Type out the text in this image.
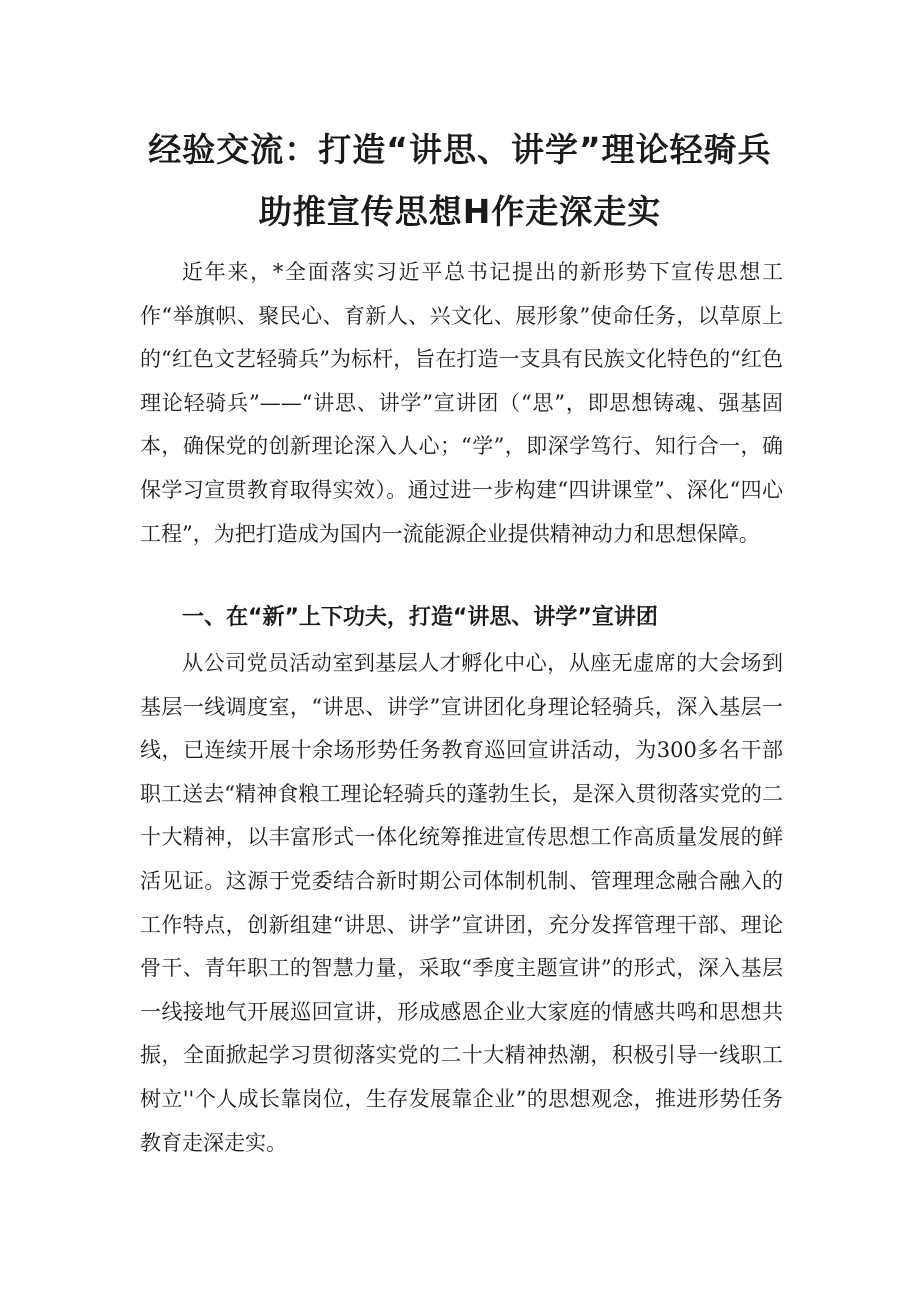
经验交流：打造“讲思、讲学”理论轻骑兵
助推宣传思想H作走深走实

近年来，*全面落实习近平总书记提出的新形势下宣传思想工作“举旗帜、聚民心、育新人、兴文化、展形象”使命任务，以草原上的“红色文艺轻骑兵”为标杆，旨在打造一支具有民族文化特色的“红色理论轻骑兵”——“讲思、讲学”宣讲团（“思”，即思想铸魂、强基固本，确保党的创新理论深入人心；“学”，即深学笃行、知行合一，确保学习宣贯教育取得实效）。通过进一步构建“四讲课堂”、深化“四心工程”，为把打造成为国内一流能源企业提供精神动力和思想保障。

一、在“新”上下功夫，打造“讲思、讲学”宣讲团

从公司党员活动室到基层人才孵化中心，从座无虚席的大会场到基层一线调度室，“讲思、讲学”宣讲团化身理论轻骑兵，深入基层一线，已连续开展十余场形势任务教育巡回宣讲活动，为300多名干部职工送去“精神食粮工理论轻骑兵的蓬勃生长，是深入贯彻落实党的二十大精神，以丰富形式一体化统筹推进宣传思想工作高质量发展的鲜活见证。这源于党委结合新时期公司体制机制、管理理念融合融入的工作特点，创新组建“讲思、讲学”宣讲团，充分发挥管理干部、理论骨干、青年职工的智慧力量，采取“季度主题宣讲”的形式，深入基层一线接地气开展巡回宣讲，形成感恩企业大家庭的情感共鸣和思想共振，全面掀起学习贯彻落实党的二十大精神热潮，积极引导一线职工树立''个人成长靠岗位，生存发展靠企业”的思想观念，推进形势任务教育走深走实。
